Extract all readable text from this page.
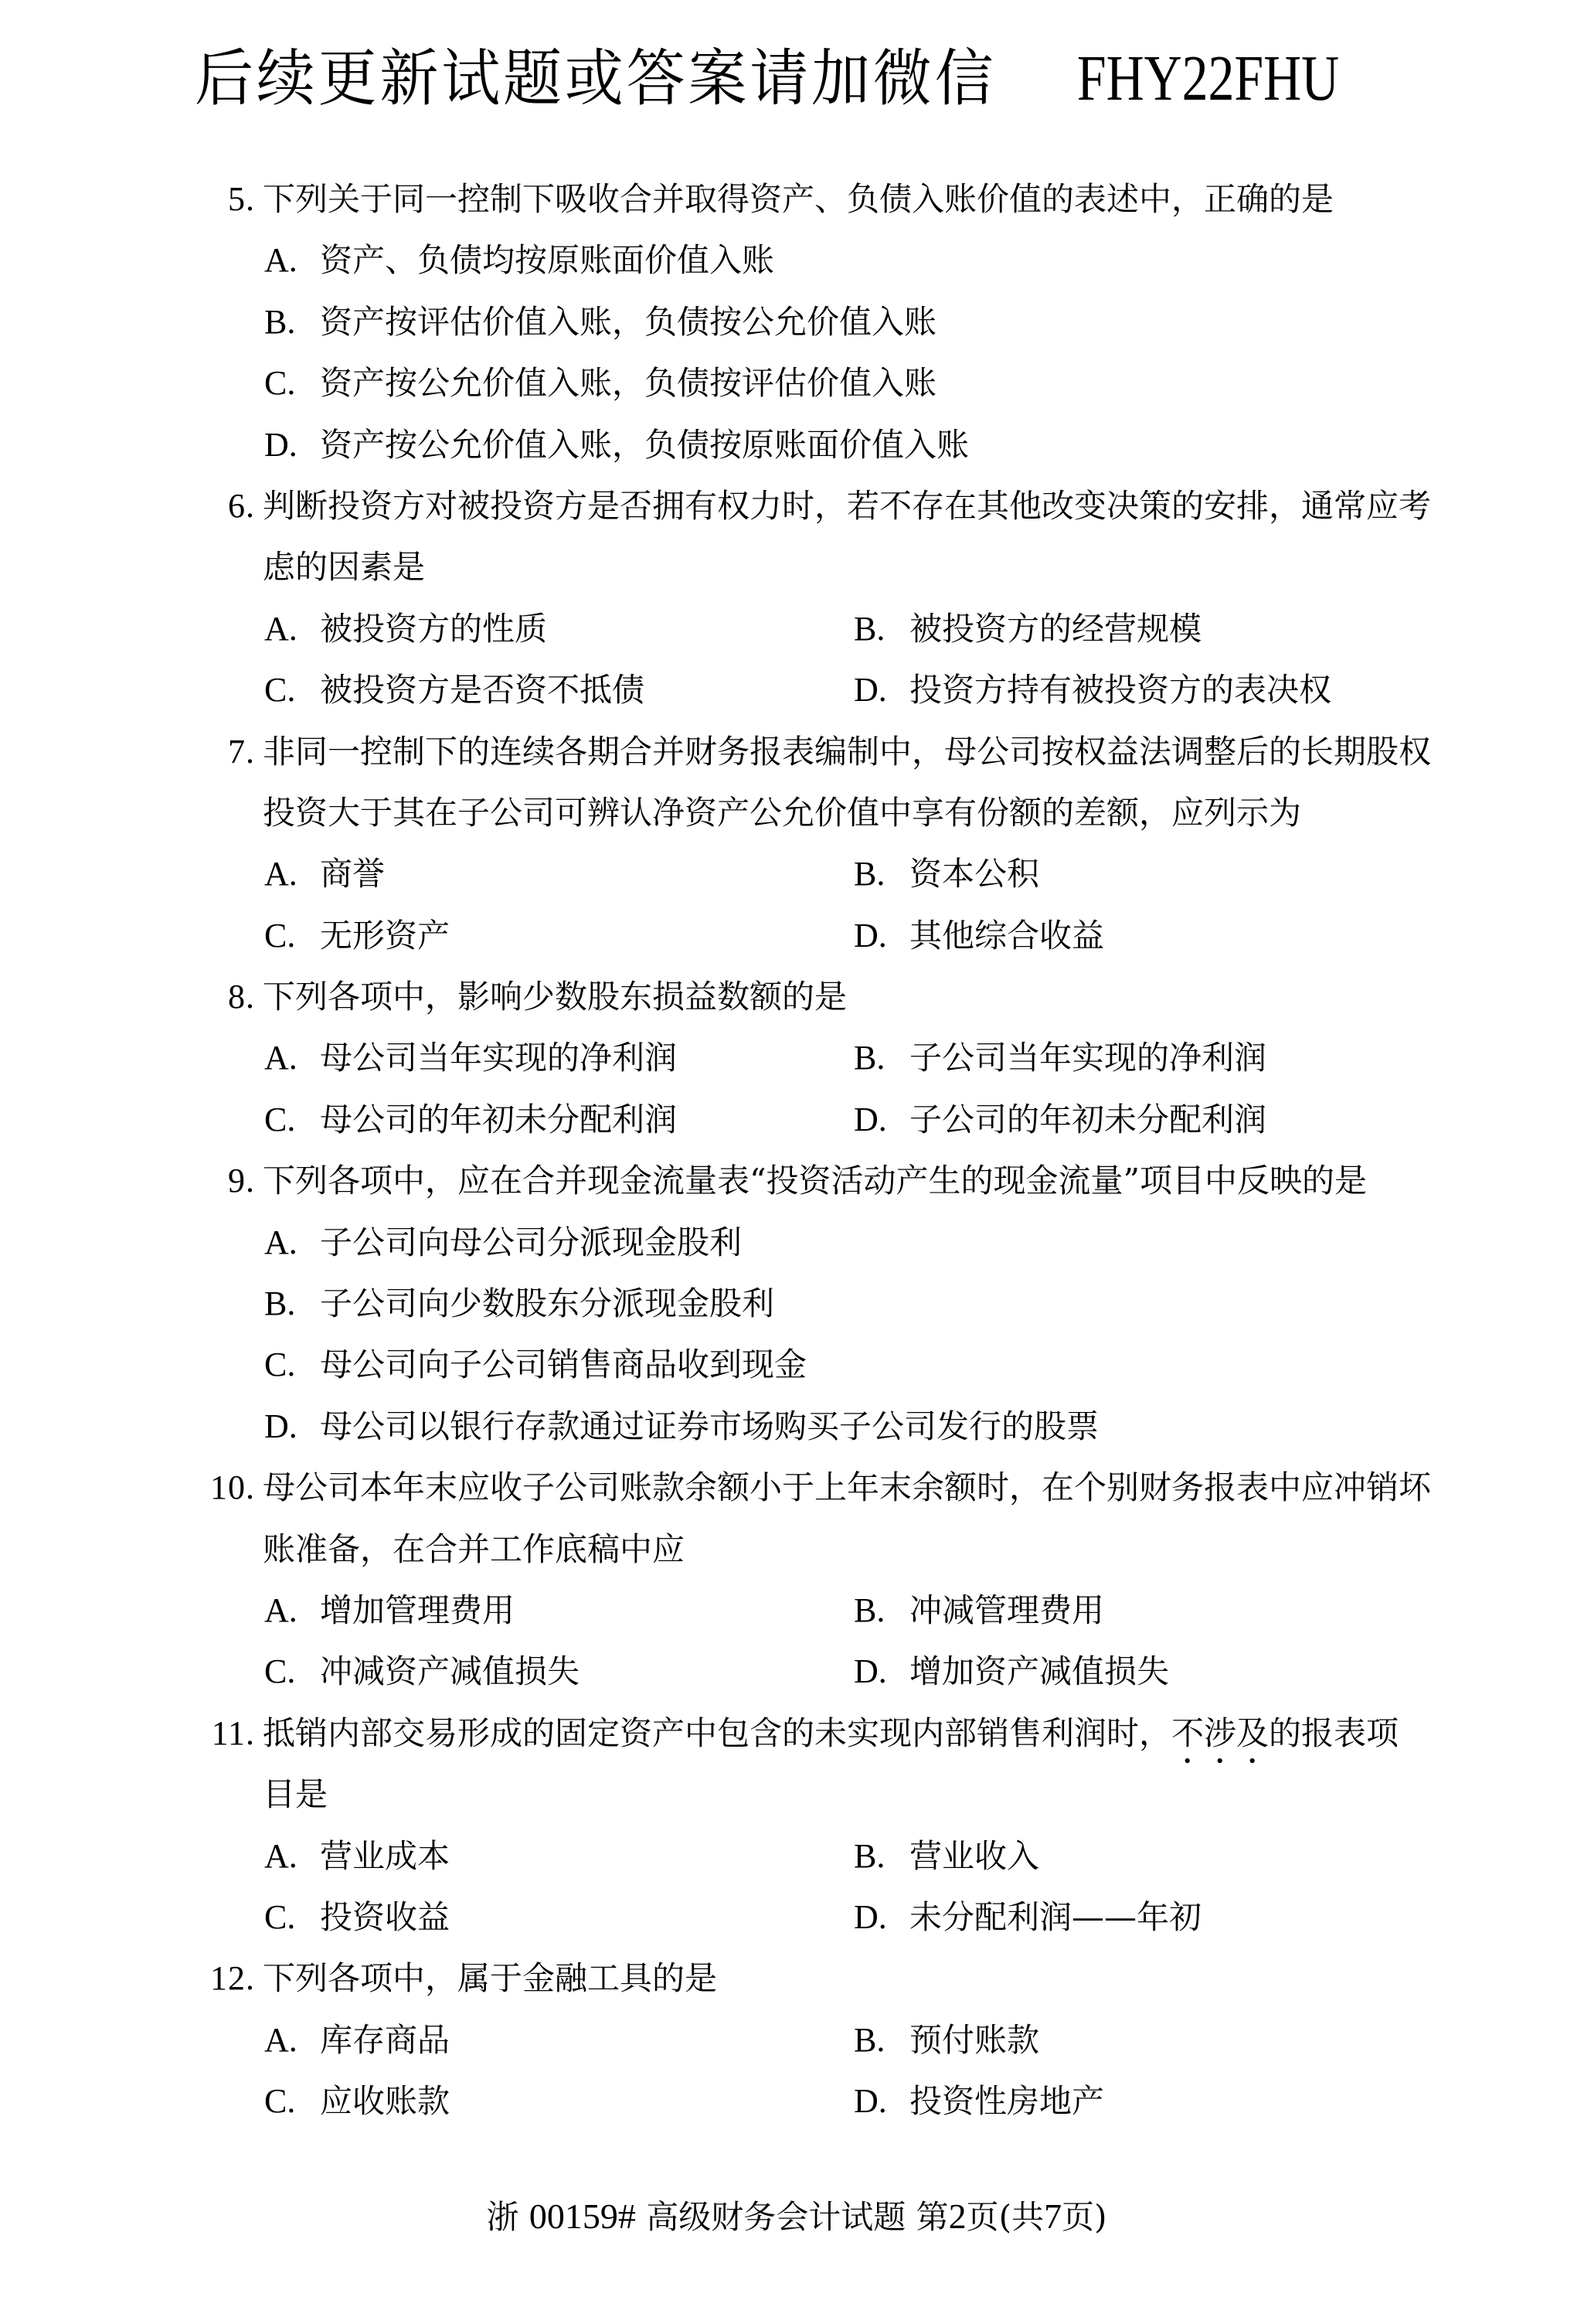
后续更新试题或答案请加微信 FHY22FHU
5. 下列关于同一控制下吸收合并取得资产、负债入账价值的表述中，正确的是
A. 资产、负债均按原账面价值入账
B. 资产按评估价值入账，负债按公允价值入账
C. 资产按公允价值入账，负债按评估价值入账
D. 资产按公允价值入账，负债按原账面价值入账
6. 判断投资方对被投资方是否拥有权力时，若不存在其他改变决策的安排，通常应考
虑的因素是
A. 被投资方的性质	B. 被投资方的经营规模
C. 被投资方是否资不抵债	D. 投资方持有被投资方的表决权
7. 非同一控制下的连续各期合并财务报表编制中，母公司按权益法调整后的长期股权
投资大于其在子公司可辨认净资产公允价值中享有份额的差额，应列示为
A. 商誉	B. 资本公积
C. 无形资产	D. 其他综合收益
8. 下列各项中，影响少数股东损益数额的是
A. 母公司当年实现的净利润	B. 子公司当年实现的净利润
C. 母公司的年初未分配利润	D. 子公司的年初未分配利润
9. 下列各项中，应在合并现金流量表“投资活动产生的现金流量”项目中反映的是
A. 子公司向母公司分派现金股利
B. 子公司向少数股东分派现金股利
C. 母公司向子公司销售商品收到现金
D. 母公司以银行存款通过证券市场购买子公司发行的股票
10. 母公司本年末应收子公司账款余额小于上年末余额时，在个别财务报表中应冲销坏
账准备，在合并工作底稿中应
A. 增加管理费用	B. 冲减管理费用
C. 冲减资产减值损失	D. 增加资产减值损失
11. 抵销内部交易形成的固定资产中包含的未实现内部销售利润时，不涉及的报表项
目是
A. 营业成本	B. 营业收入
C. 投资收益	D. 未分配利润——年初
12. 下列各项中，属于金融工具的是
A. 库存商品	B. 预付账款
C. 应收账款	D. 投资性房地产
浙 00159# 高级财务会计试题 第2页(共7页)
